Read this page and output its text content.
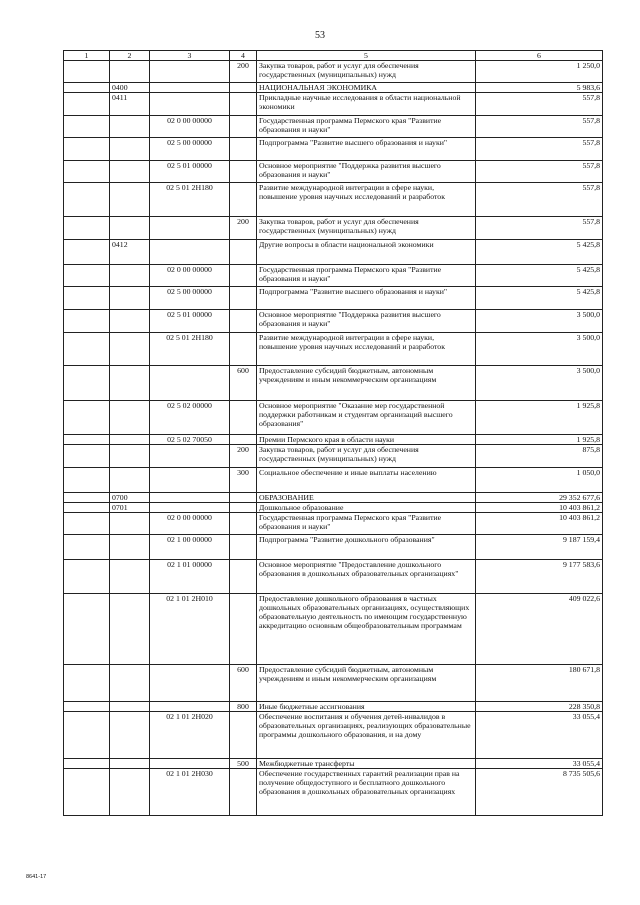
53
1	2	3	4	5	6
			200	Закупка товаров, работ и услуг для обеспечения государственных (муниципальных) нужд	1 250,0
	0400			НАЦИОНАЛЬНАЯ ЭКОНОМИКА	5 983,6
	0411			Прикладные научные исследования в области национальной экономики	557,8
		02 0 00 00000		Государственная программа Пермского края "Развитие образования и науки"	557,8
		02 5 00 00000		Подпрограмма "Развитие высшего образования и науки"	557,8
		02 5 01 00000		Основное мероприятие "Поддержка развития высшего образования и науки"	557,8
		02 5 01 2Н180		Развитие международной интеграции в сфере науки, повышение уровня научных исследований и разработок	557,8
			200	Закупка товаров, работ и услуг для обеспечения государственных (муниципальных) нужд	557,8
	0412			Другие вопросы в области национальной экономики	5 425,8
		02 0 00 00000		Государственная программа Пермского края "Развитие образования и науки"	5 425,8
		02 5 00 00000		Подпрограмма "Развитие высшего образования и науки"	5 425,8
		02 5 01 00000		Основное мероприятие "Поддержка развития высшего образования и науки"	3 500,0
		02 5 01 2Н180		Развитие международной интеграции в сфере науки, повышение уровня научных исследований и разработок	3 500,0
			600	Предоставление субсидий бюджетным, автономным учреждениям и иным некоммерческим организациям	3 500,0
		02 5 02 00000		Основное мероприятие "Оказание мер государственной поддержки работникам и студентам организаций высшего образования"	1 925,8
		02 5 02 70050		Премии Пермского края в области науки	1 925,8
			200	Закупка товаров, работ и услуг для обеспечения государственных (муниципальных) нужд	875,8
			300	Социальное обеспечение и иные выплаты населению	1 050,0
	0700			ОБРАЗОВАНИЕ	29 352 677,6
	0701			Дошкольное образование	10 403 861,2
		02 0 00 00000		Государственная программа Пермского края "Развитие образования и науки"	10 403 861,2
		02 1 00 00000		Подпрограмма "Развитие дошкольного образования"	9 187 159,4
		02 1 01 00000		Основное мероприятие "Предоставление дошкольного образования в дошкольных образовательных организациях"	9 177 583,6
		02 1 01 2Н010		Предоставление дошкольного образования в частных дошкольных образовательных организациях, осуществляющих образовательную деятельность по имеющим государственную аккредитацию основным общеобразовательным программам	409 022,6
			600	Предоставление субсидий бюджетным, автономным учреждениям и иным некоммерческим организациям	180 671,8
			800	Иные бюджетные ассигнования	228 350,8
		02 1 01 2Н020		Обеспечение воспитания и обучения детей-инвалидов в образовательных организациях, реализующих образовательные программы дошкольного образования, и на дому	33 055,4
			500	Межбюджетные трансферты	33 055,4
		02 1 01 2Н030		Обеспечение государственных гарантий реализации прав на получение общедоступного и бесплатного дошкольного образования в дошкольных образовательных организациях	8 735 505,6
8641-17
